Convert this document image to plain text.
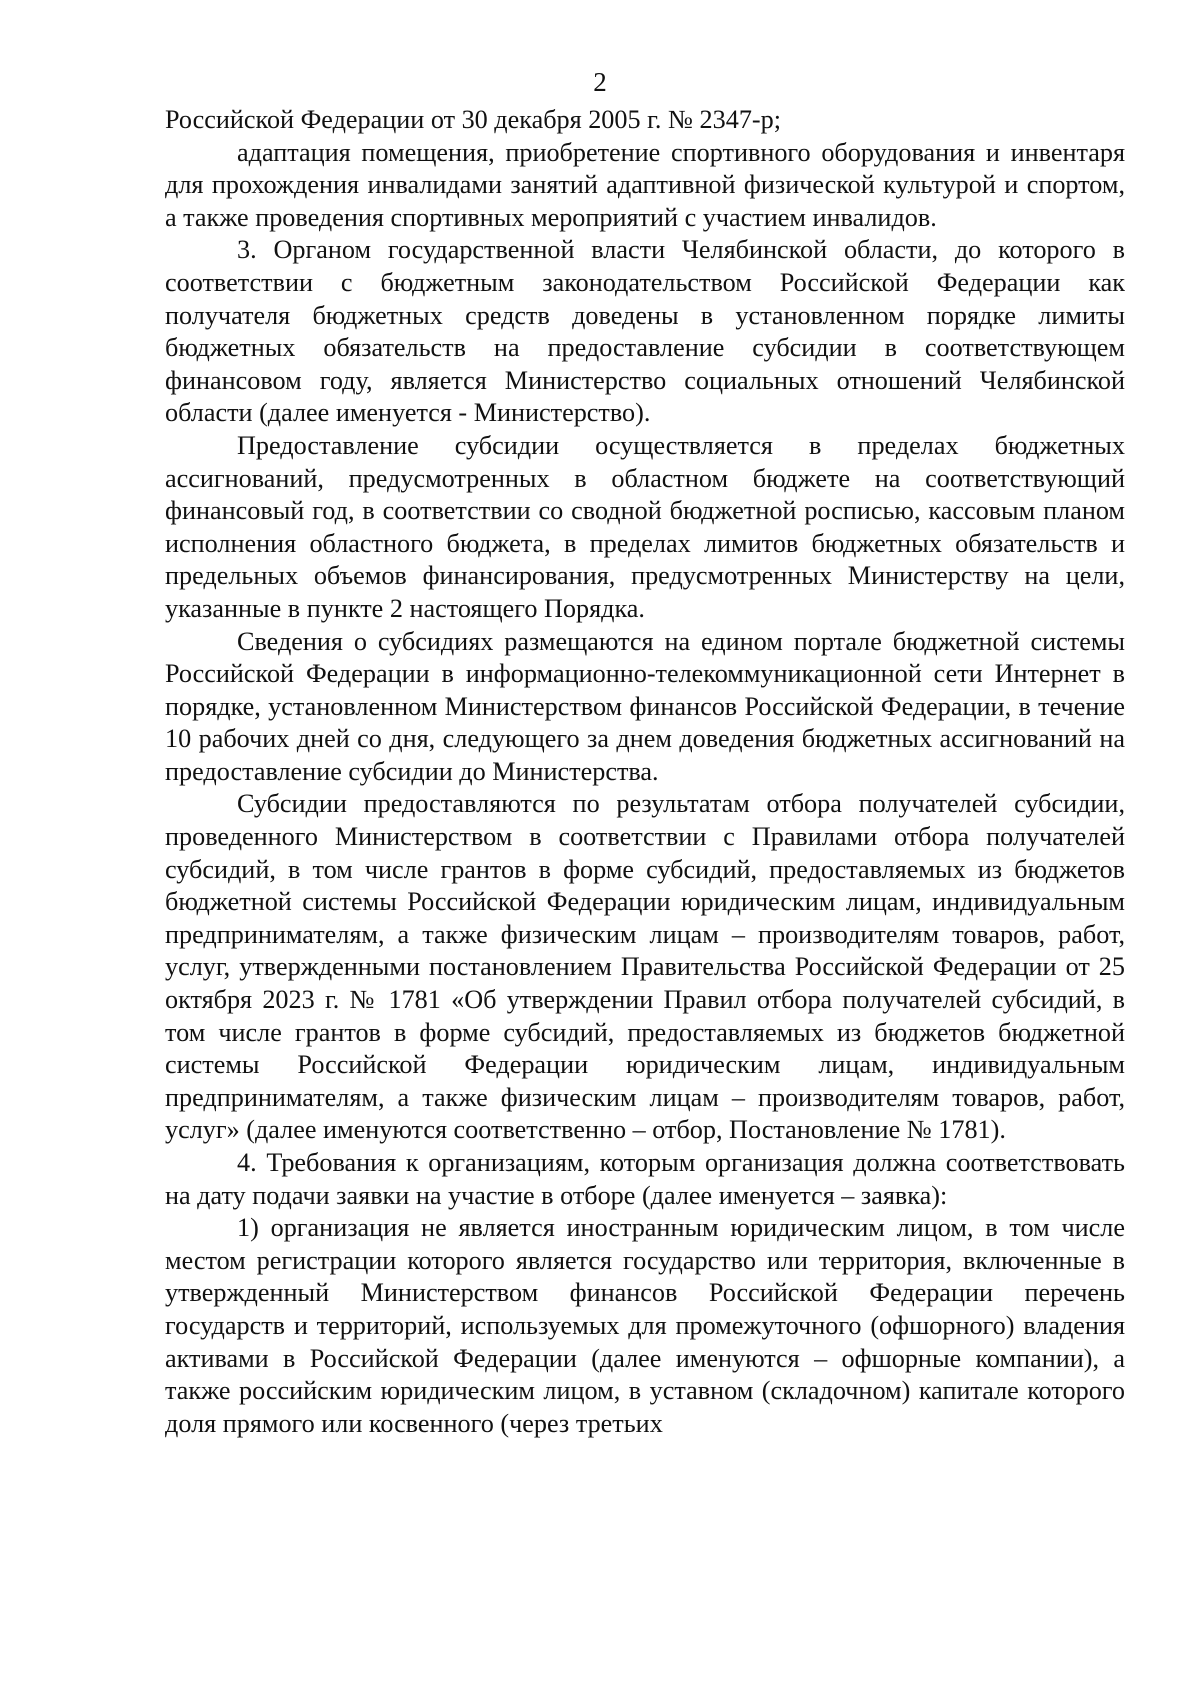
2

Российской Федерации от 30 декабря 2005 г. № 2347-р;

адаптация помещения, приобретение спортивного оборудования и инвентаря для прохождения инвалидами занятий адаптивной физической культурой и спортом, а также проведения спортивных мероприятий с участием инвалидов.

3. Органом государственной власти Челябинской области, до которого в соответствии с бюджетным законодательством Российской Федерации как получателя бюджетных средств доведены в установленном порядке лимиты бюджетных обязательств на предоставление субсидии в соответствующем финансовом году, является Министерство социальных отношений Челябинской области (далее именуется - Министерство).

Предоставление субсидии осуществляется в пределах бюджетных ассигнований, предусмотренных в областном бюджете на соответствующий финансовый год, в соответствии со сводной бюджетной росписью, кассовым планом исполнения областного бюджета, в пределах лимитов бюджетных обязательств и предельных объемов финансирования, предусмотренных Министерству на цели, указанные в пункте 2 настоящего Порядка.

Сведения о субсидиях размещаются на едином портале бюджетной системы Российской Федерации в информационно-телекоммуникационной сети Интернет в порядке, установленном Министерством финансов Российской Федерации, в течение 10 рабочих дней со дня, следующего за днем доведения бюджетных ассигнований на предоставление субсидии до Министерства.

Субсидии предоставляются по результатам отбора получателей субсидии, проведенного Министерством в соответствии с Правилами отбора получателей субсидий, в том числе грантов в форме субсидий, предоставляемых из бюджетов бюджетной системы Российской Федерации юридическим лицам, индивидуальным предпринимателям, а также физическим лицам – производителям товаров, работ, услуг, утвержденными постановлением Правительства Российской Федерации от 25 октября 2023 г. № 1781 «Об утверждении Правил отбора получателей субсидий, в том числе грантов в форме субсидий, предоставляемых из бюджетов бюджетной системы Российской Федерации юридическим лицам, индивидуальным предпринимателям, а также физическим лицам – производителям товаров, работ, услуг» (далее именуются соответственно – отбор, Постановление № 1781).

4. Требования к организациям, которым организация должна соответствовать на дату подачи заявки на участие в отборе (далее именуется – заявка):

1) организация не является иностранным юридическим лицом, в том числе местом регистрации которого является государство или территория, включенные в утвержденный Министерством финансов Российской Федерации перечень государств и территорий, используемых для промежуточного (офшорного) владения активами в Российской Федерации (далее именуются – офшорные компании), а также российским юридическим лицом, в уставном (складочном) капитале которого доля прямого или косвенного (через третьих
